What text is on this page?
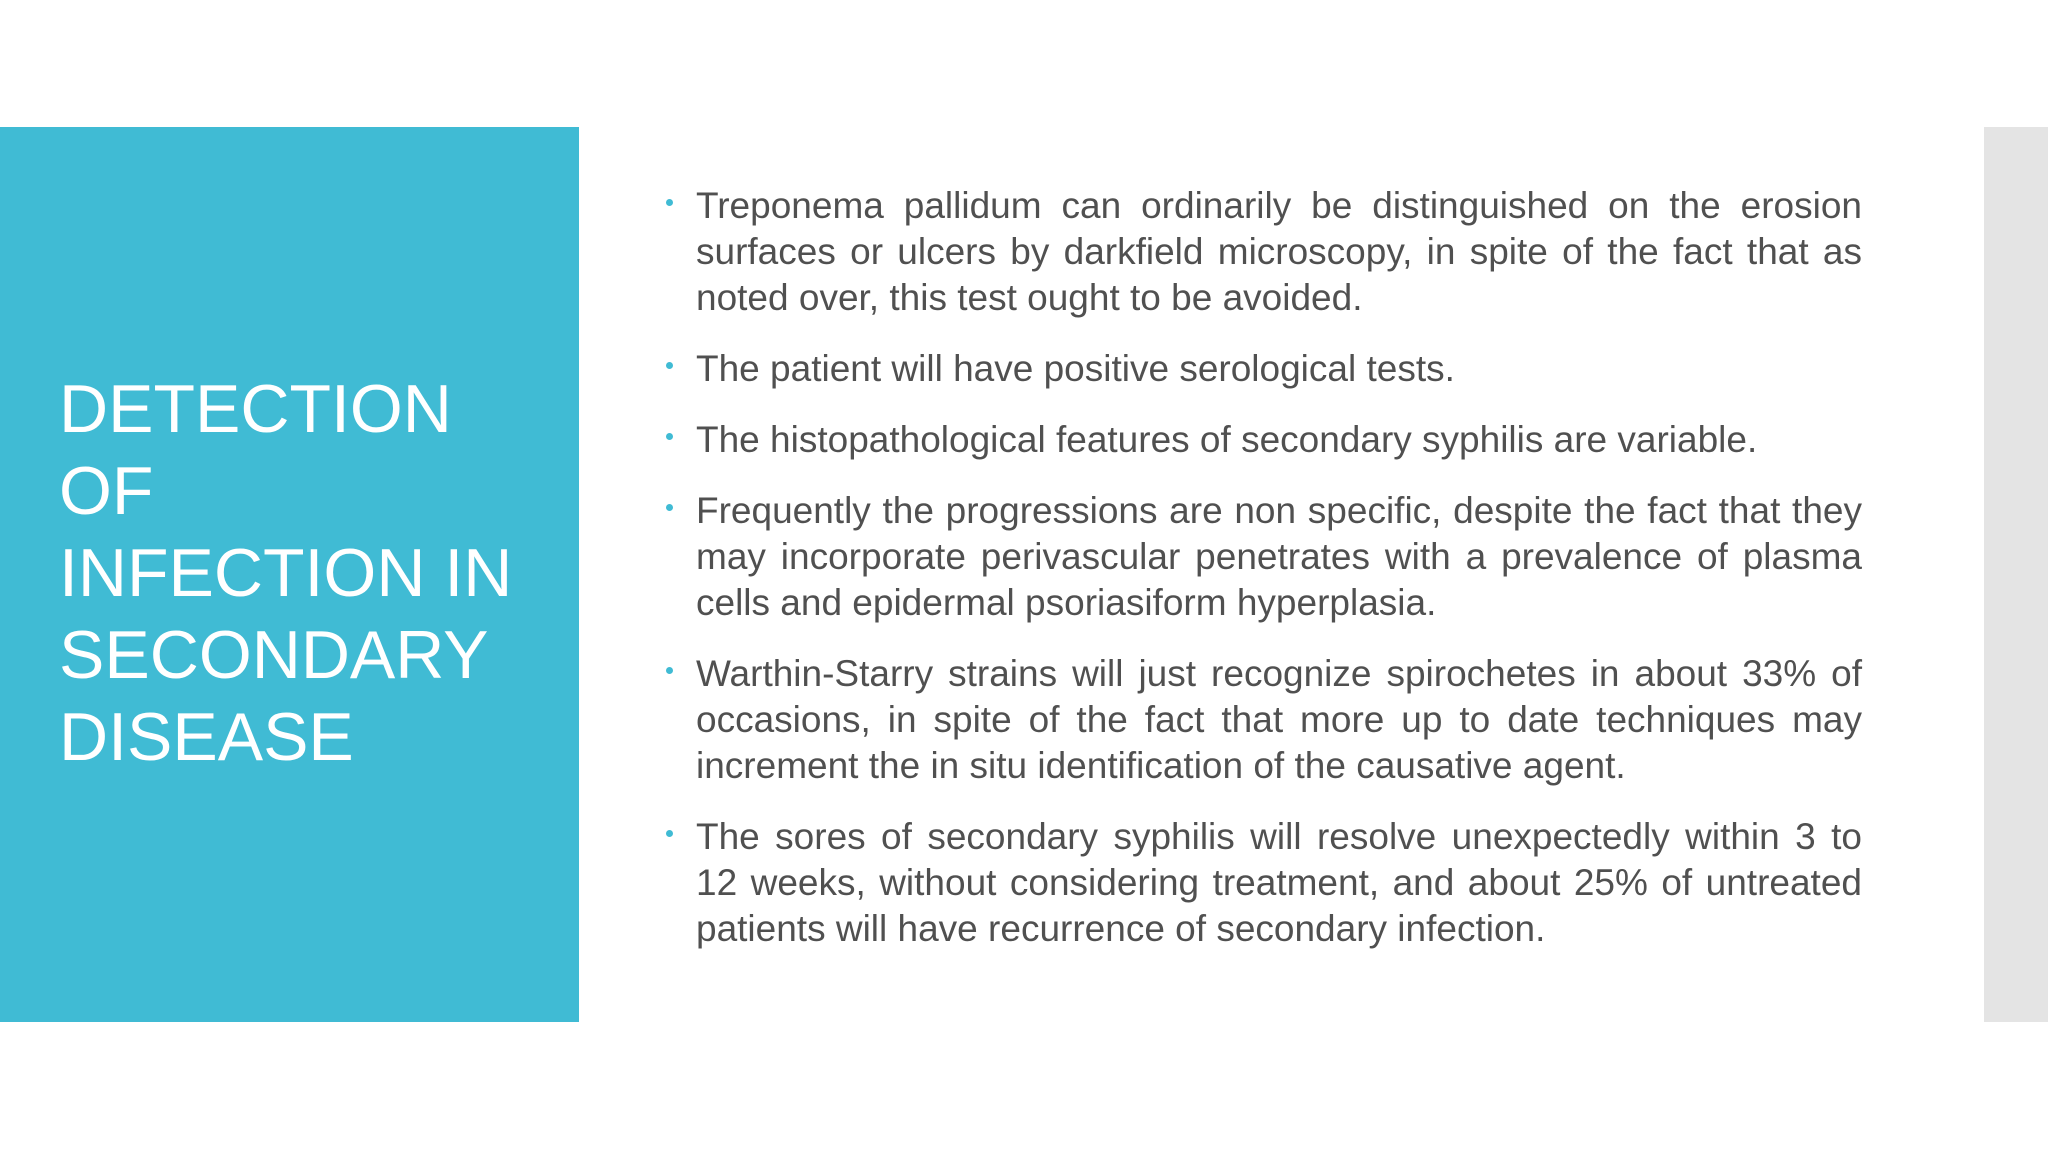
DETECTION
OF
INFECTION IN
SECONDARY
DISEASE
Treponema pallidum can ordinarily be distinguished on the erosion surfaces or ulcers by darkfield microscopy, in spite of the fact that as noted over, this test ought to be avoided.
The patient will have positive serological tests.
The histopathological features of secondary syphilis are variable.
Frequently the progressions are non specific, despite the fact that they may incorporate perivascular penetrates with a prevalence of plasma cells and epidermal psoriasiform hyperplasia.
Warthin-Starry strains will just recognize spirochetes in about 33% of occasions, in spite of the fact that more up to date techniques may increment the in situ identification of the causative agent.
The sores of secondary syphilis will resolve unexpectedly within 3 to 12 weeks, without considering treatment, and about 25% of untreated patients will have recurrence of secondary infection.
